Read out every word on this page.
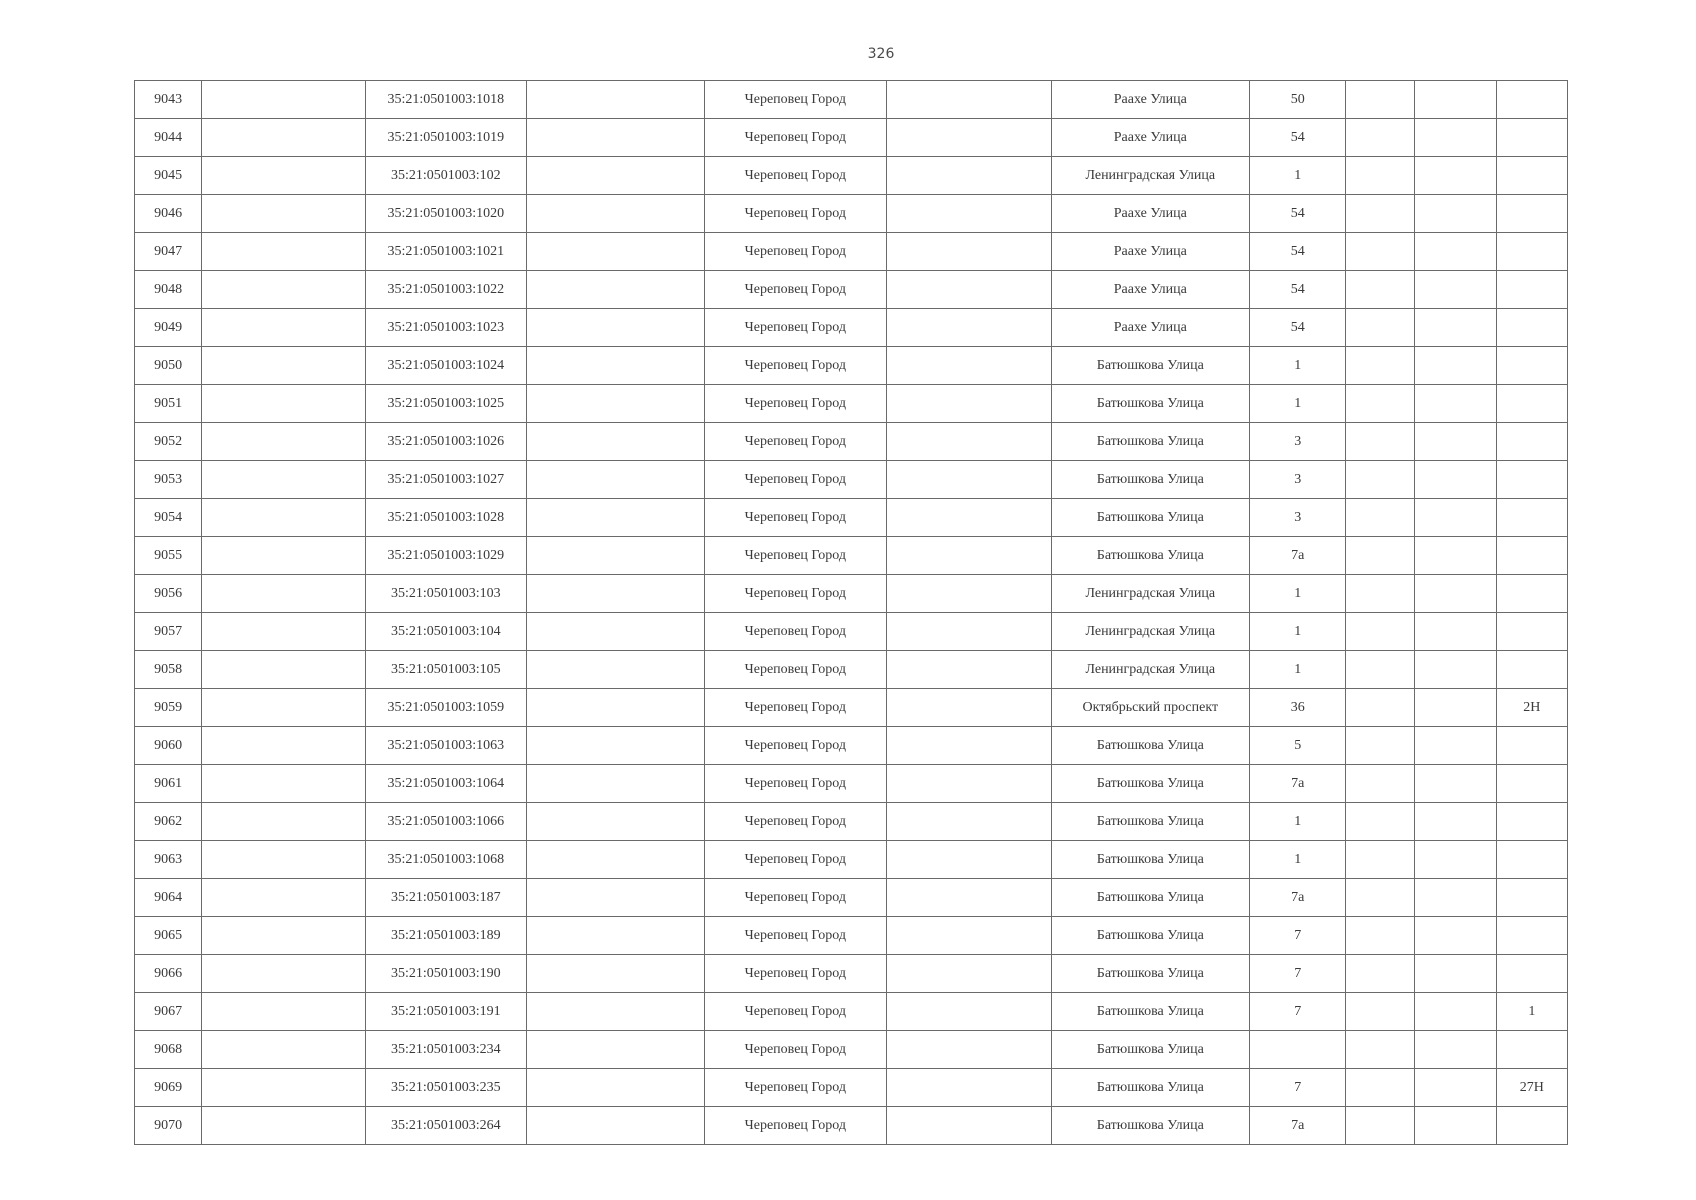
326
9043		35:21:0501003:1018		Череповец Город		Раахе Улица	50			
9044		35:21:0501003:1019		Череповец Город		Раахе Улица	54			
9045		35:21:0501003:102		Череповец Город		Ленинградская Улица	1			
9046		35:21:0501003:1020		Череповец Город		Раахе Улица	54			
9047		35:21:0501003:1021		Череповец Город		Раахе Улица	54			
9048		35:21:0501003:1022		Череповец Город		Раахе Улица	54			
9049		35:21:0501003:1023		Череповец Город		Раахе Улица	54			
9050		35:21:0501003:1024		Череповец Город		Батюшкова Улица	1			
9051		35:21:0501003:1025		Череповец Город		Батюшкова Улица	1			
9052		35:21:0501003:1026		Череповец Город		Батюшкова Улица	3			
9053		35:21:0501003:1027		Череповец Город		Батюшкова Улица	3			
9054		35:21:0501003:1028		Череповец Город		Батюшкова Улица	3			
9055		35:21:0501003:1029		Череповец Город		Батюшкова Улица	7а			
9056		35:21:0501003:103		Череповец Город		Ленинградская Улица	1			
9057		35:21:0501003:104		Череповец Город		Ленинградская Улица	1			
9058		35:21:0501003:105		Череповец Город		Ленинградская Улица	1			
9059		35:21:0501003:1059		Череповец Город		Октябрьский проспект	36			2Н
9060		35:21:0501003:1063		Череповец Город		Батюшкова Улица	5			
9061		35:21:0501003:1064		Череповец Город		Батюшкова Улица	7а			
9062		35:21:0501003:1066		Череповец Город		Батюшкова Улица	1			
9063		35:21:0501003:1068		Череповец Город		Батюшкова Улица	1			
9064		35:21:0501003:187		Череповец Город		Батюшкова Улица	7а			
9065		35:21:0501003:189		Череповец Город		Батюшкова Улица	7			
9066		35:21:0501003:190		Череповец Город		Батюшкова Улица	7			
9067		35:21:0501003:191		Череповец Город		Батюшкова Улица	7			1
9068		35:21:0501003:234		Череповец Город		Батюшкова Улица				
9069		35:21:0501003:235		Череповец Город		Батюшкова Улица	7			27Н
9070		35:21:0501003:264		Череповец Город		Батюшкова Улица	7а			
